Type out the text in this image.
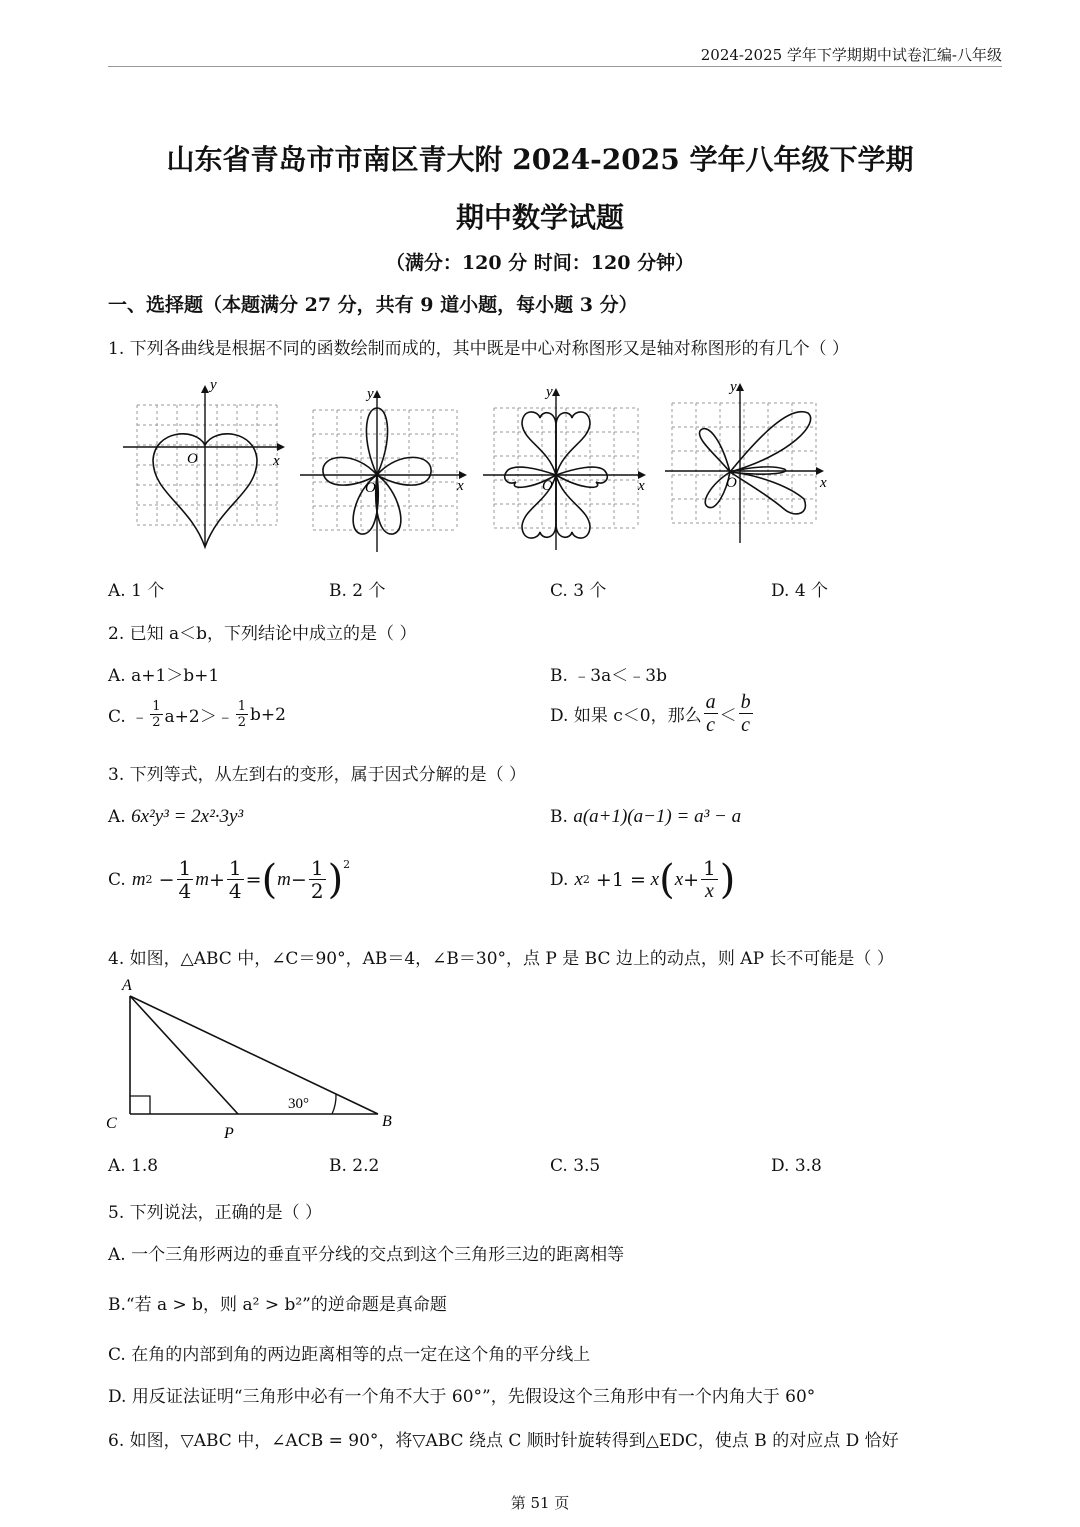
2024-2025 学年下学期期中试卷汇编-八年级
山东省青岛市市南区青大附 2024-2025 学年八年级下学期
期中数学试题
（满分：120 分 时间：120 分钟）
一、选择题（本题满分 27 分，共有 9 道小题，每小题 3 分）
1. 下列各曲线是根据不同的函数绘制而成的，其中既是中心对称图形又是轴对称图形的有几个（ ）
y
x
O
y
x
O
y
x
O
y
x
O
A. 1 个	B. 2 个	C. 3 个	D. 4 个
2. 已知 a＜b，下列结论中成立的是（ ）
A. a+1＞b+1	B. ﹣3a＜﹣3b
C. ﹣ $\frac{1}{2}$ a+2＞﹣ $\frac{1}{2} b+2$	D. 如果 c＜0，那么 $\frac{a}{c} < \frac{b}{c}$
3. 下列等式，从左到右的变形，属于因式分解的是（ ）
A. 6x²y³ = 2x²·3y³	B. a(a+1)(a−1) = a³ − a
C. m $2 - \frac{1}{4}$ $m + \frac{1}{4}$ = ( $m - \frac{1}{2}$ ) 2
D. x 2 +1 = x ( $x + \frac{1}{x}$ )
4. 如图，△ABC 中，∠C＝90°，AB＝4，∠B＝30°，点 P 是 BC 边上的动点，则 AP 长不可能是（ ）
A
C
P
B
30°
A. 1.8	B. 2.2	C. 3.5	D. 3.8
5. 下列说法，正确的是（ ）
A. 一个三角形两边的垂直平分线的交点到这个三角形三边的距离相等
B.“若 a > b，则 a² > b²”的逆命题是真命题
C. 在角的内部到角的两边距离相等的点一定在这个角的平分线上
D. 用反证法证明“三角形中必有一个角不大于 60°”，先假设这个三角形中有一个内角大于 60°
6. 如图，▽ABC 中，∠ACB = 90°，将▽ABC 绕点 C 顺时针旋转得到△EDC，使点 B 的对应点 D 恰好
第 51 页
